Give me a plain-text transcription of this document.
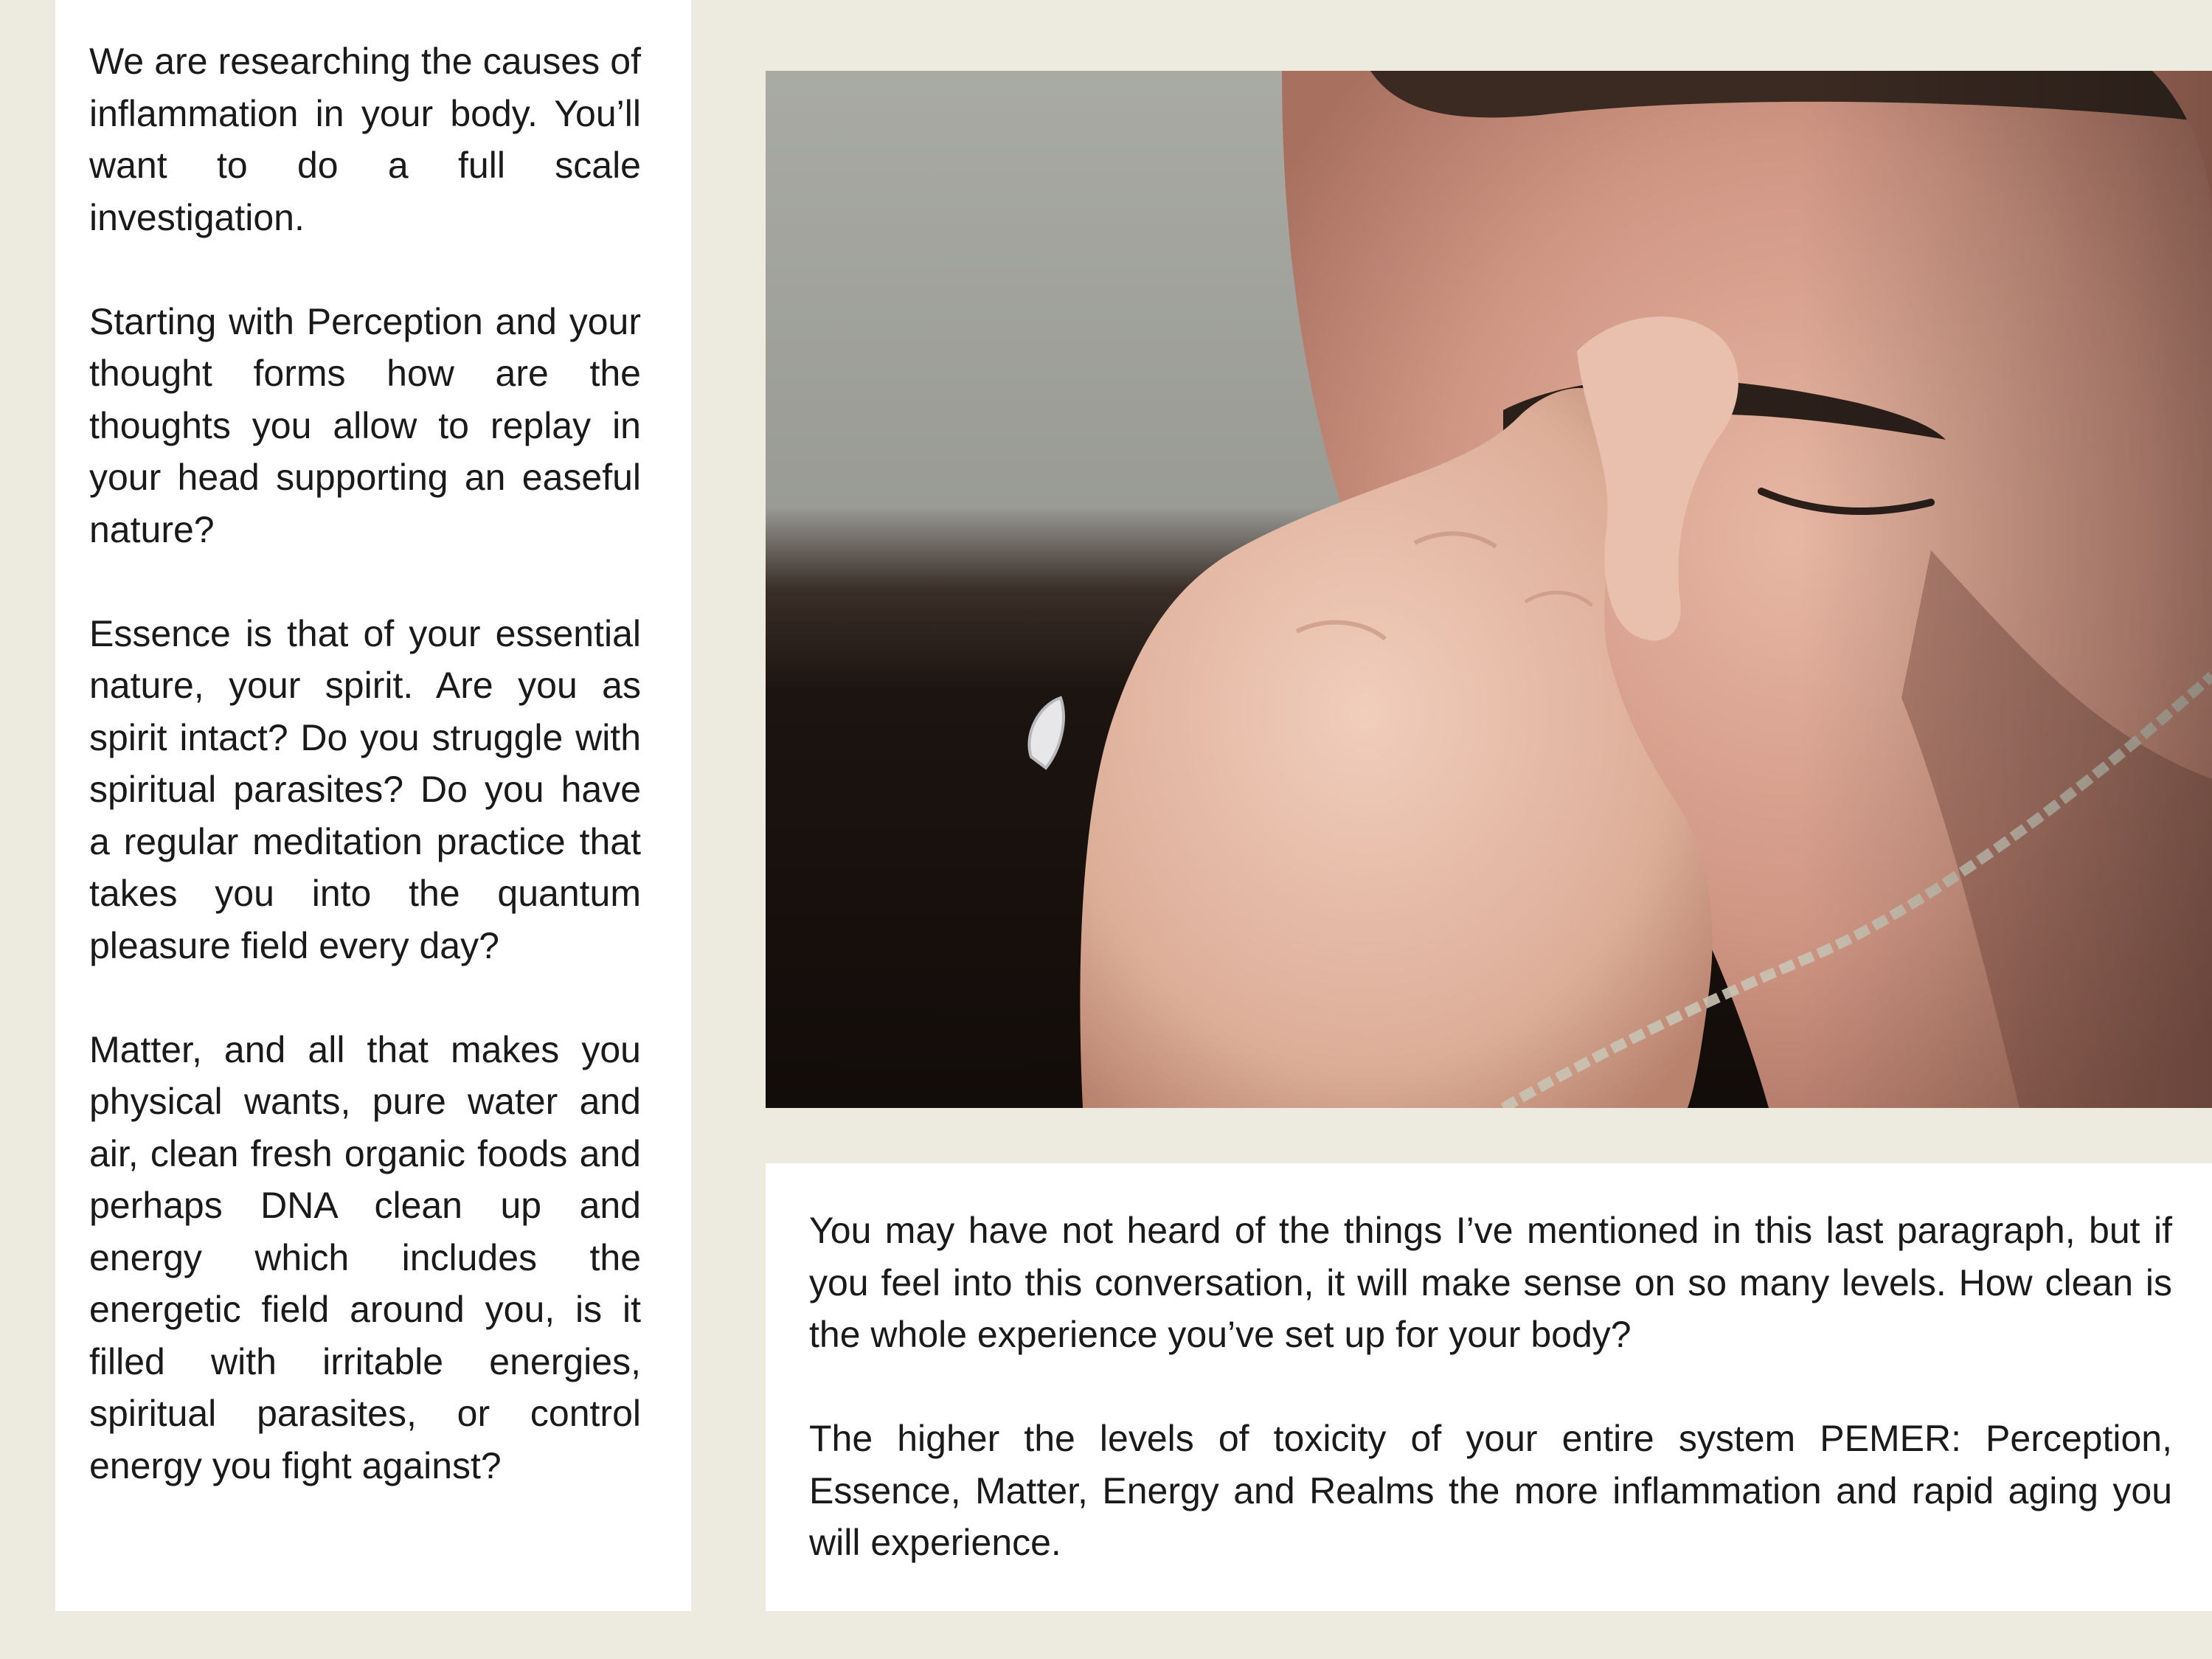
We are researching the causes of inflammation in your body. You’ll want to do a full scale investigation.

Starting with Perception and your thought forms how are the thoughts you allow to replay in your head supporting an easeful nature?

Essence is that of your essential nature, your spirit. Are you as spirit intact? Do you struggle with spiritual parasites? Do you have a regular meditation practice that takes you into the quantum pleasure field every day?

Matter, and all that makes you physical wants, pure water and air, clean fresh organic foods and perhaps DNA clean up and energy which includes the energetic field around you, is it filled with irritable energies, spiritual parasites, or control energy you fight against?

You may have not heard of the things I’ve mentioned in this last paragraph, but if you feel into this conversation, it will make sense on so many levels. How clean is the whole experience you’ve set up for your body?

The higher the levels of toxicity of your entire system PEMER: Perception, Essence, Matter, Energy and Realms the more inflammation and rapid aging you will experience.
